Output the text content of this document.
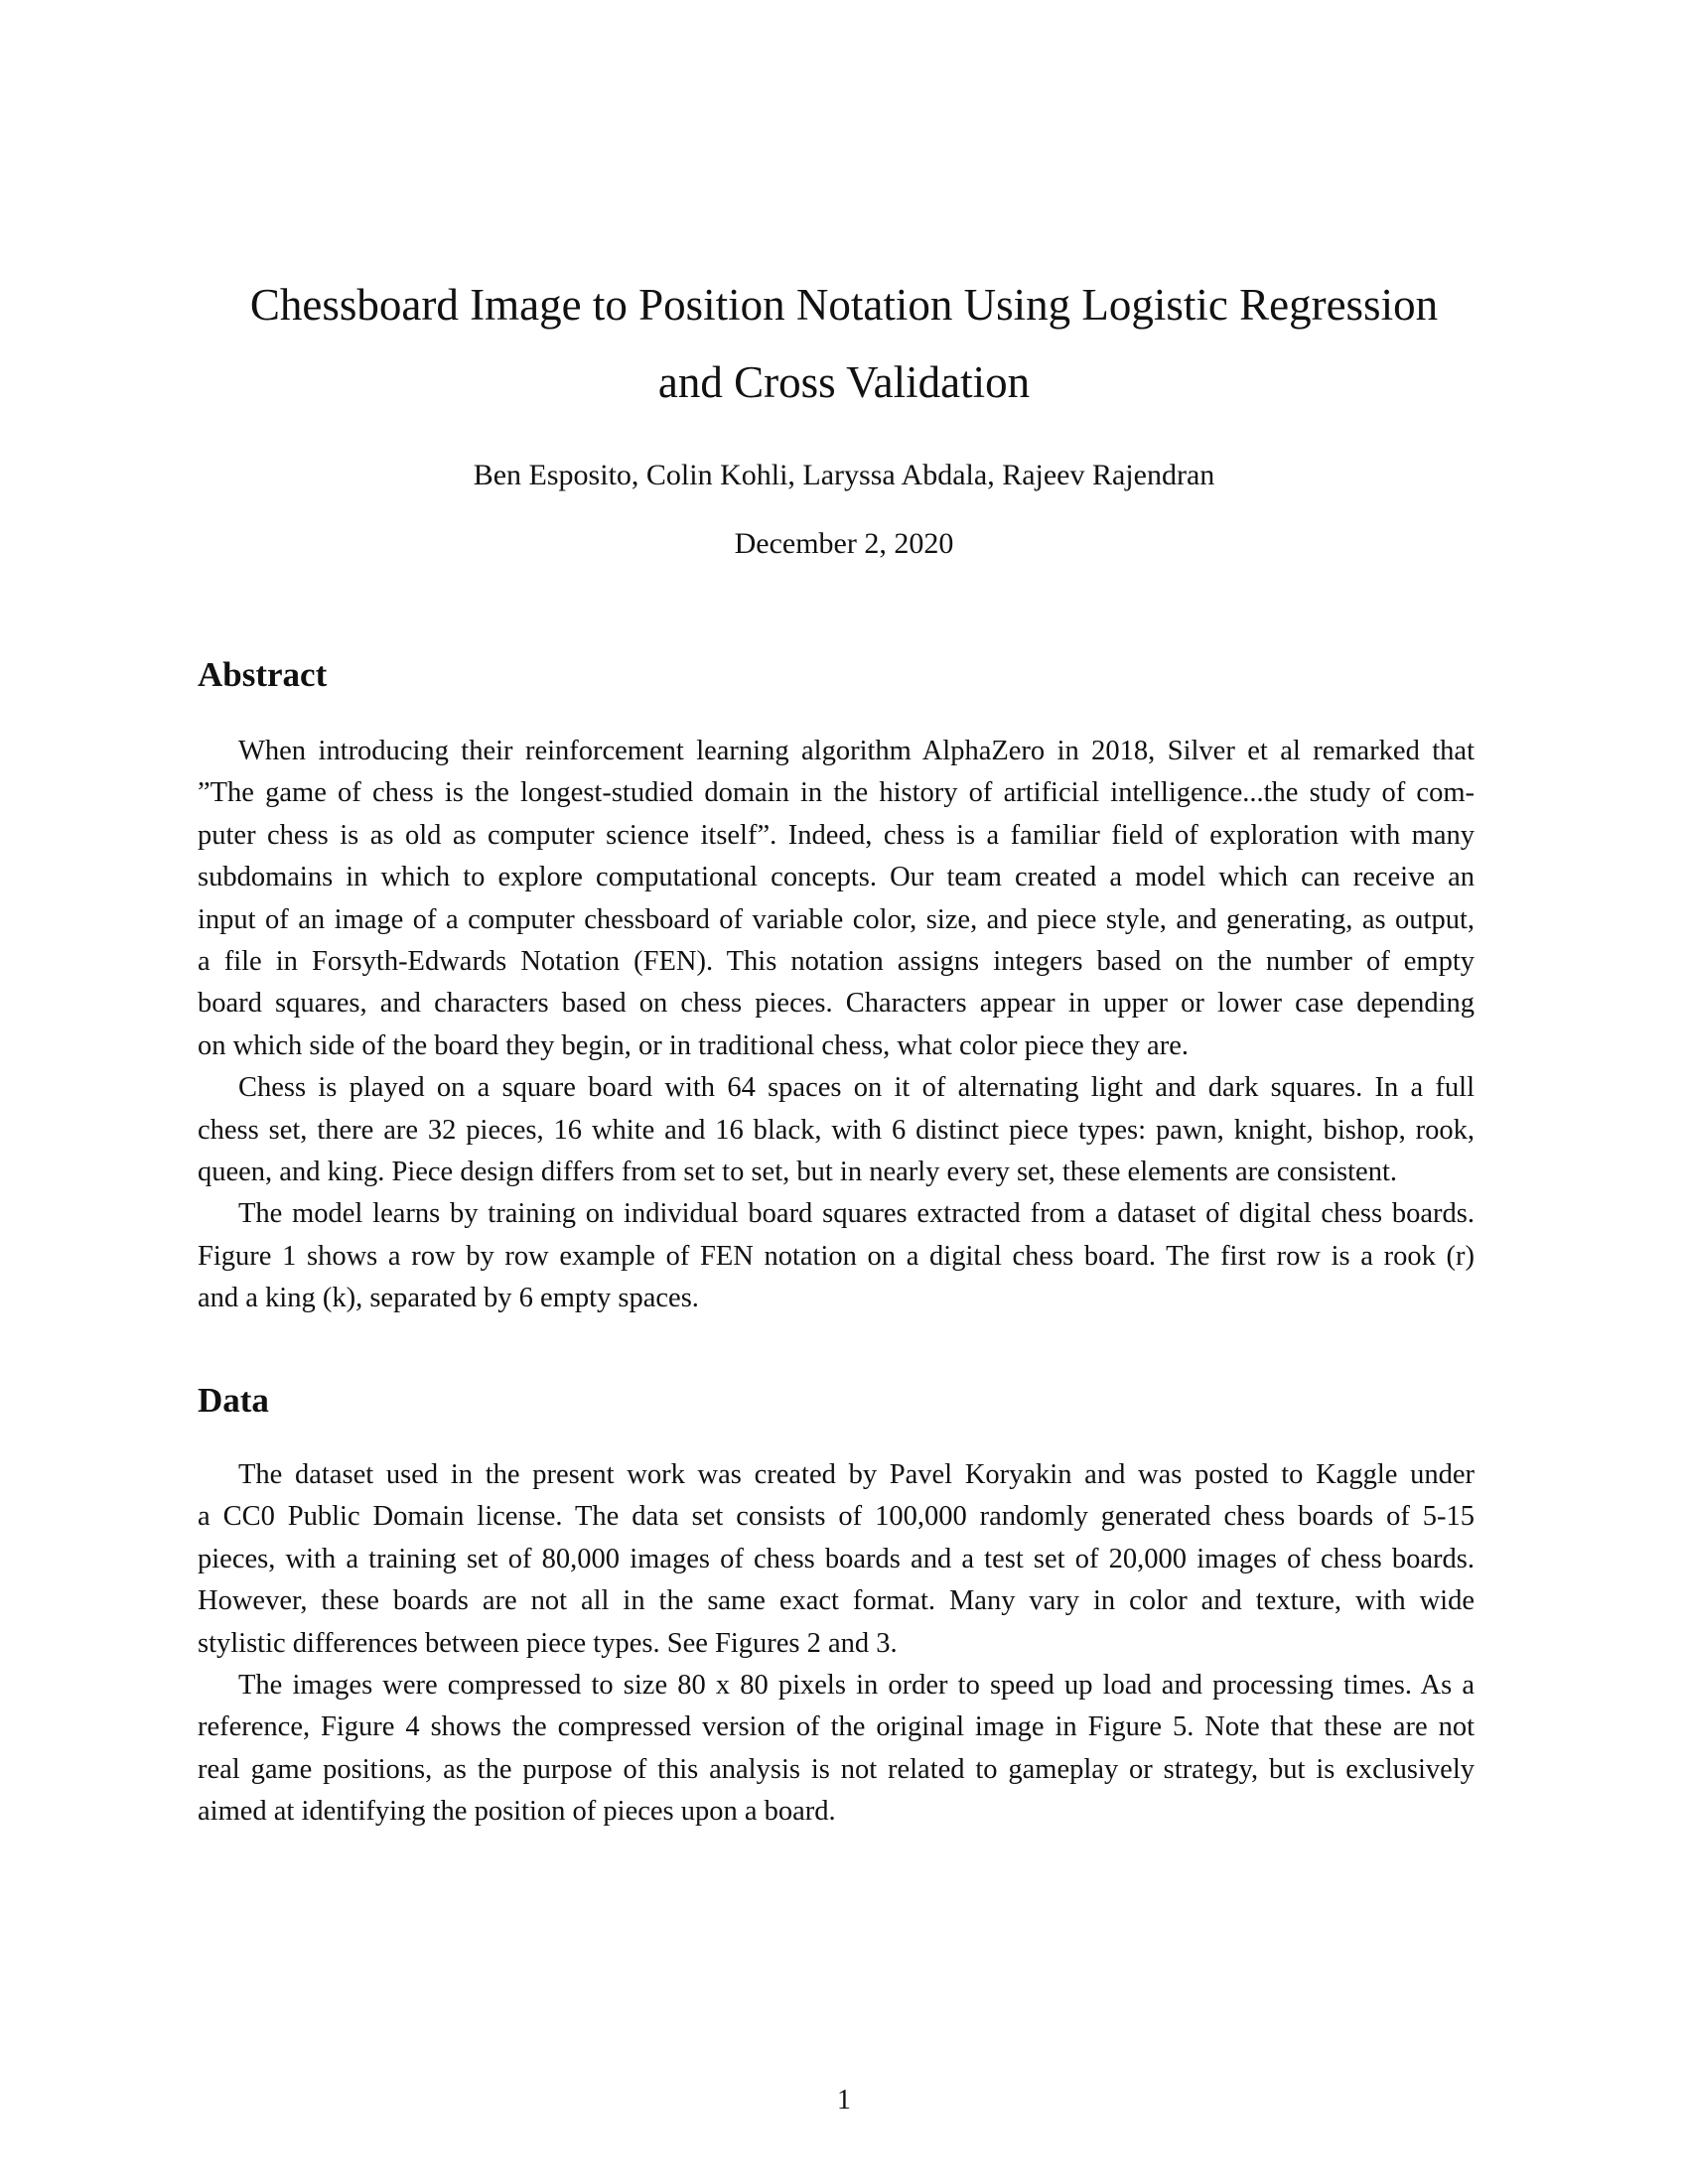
Chessboard Image to Position Notation Using Logistic Regression
and Cross Validation
Ben Esposito, Colin Kohli, Laryssa Abdala, Rajeev Rajendran
December 2, 2020
Abstract
When introducing their reinforcement learning algorithm AlphaZero in 2018, Silver et al remarked that
”The game of chess is the longest-studied domain in the history of artificial intelligence...the study of com-
puter chess is as old as computer science itself”. Indeed, chess is a familiar field of exploration with many
subdomains in which to explore computational concepts. Our team created a model which can receive an
input of an image of a computer chessboard of variable color, size, and piece style, and generating, as output,
a file in Forsyth-Edwards Notation (FEN). This notation assigns integers based on the number of empty
board squares, and characters based on chess pieces. Characters appear in upper or lower case depending
on which side of the board they begin, or in traditional chess, what color piece they are.
Chess is played on a square board with 64 spaces on it of alternating light and dark squares. In a full
chess set, there are 32 pieces, 16 white and 16 black, with 6 distinct piece types: pawn, knight, bishop, rook,
queen, and king. Piece design differs from set to set, but in nearly every set, these elements are consistent.
The model learns by training on individual board squares extracted from a dataset of digital chess boards.
Figure 1 shows a row by row example of FEN notation on a digital chess board. The first row is a rook (r)
and a king (k), separated by 6 empty spaces.
Data
The dataset used in the present work was created by Pavel Koryakin and was posted to Kaggle under
a CC0 Public Domain license. The data set consists of 100,000 randomly generated chess boards of 5-15
pieces, with a training set of 80,000 images of chess boards and a test set of 20,000 images of chess boards.
However, these boards are not all in the same exact format. Many vary in color and texture, with wide
stylistic differences between piece types. See Figures 2 and 3.
The images were compressed to size 80 x 80 pixels in order to speed up load and processing times. As a
reference, Figure 4 shows the compressed version of the original image in Figure 5. Note that these are not
real game positions, as the purpose of this analysis is not related to gameplay or strategy, but is exclusively
aimed at identifying the position of pieces upon a board.
1
